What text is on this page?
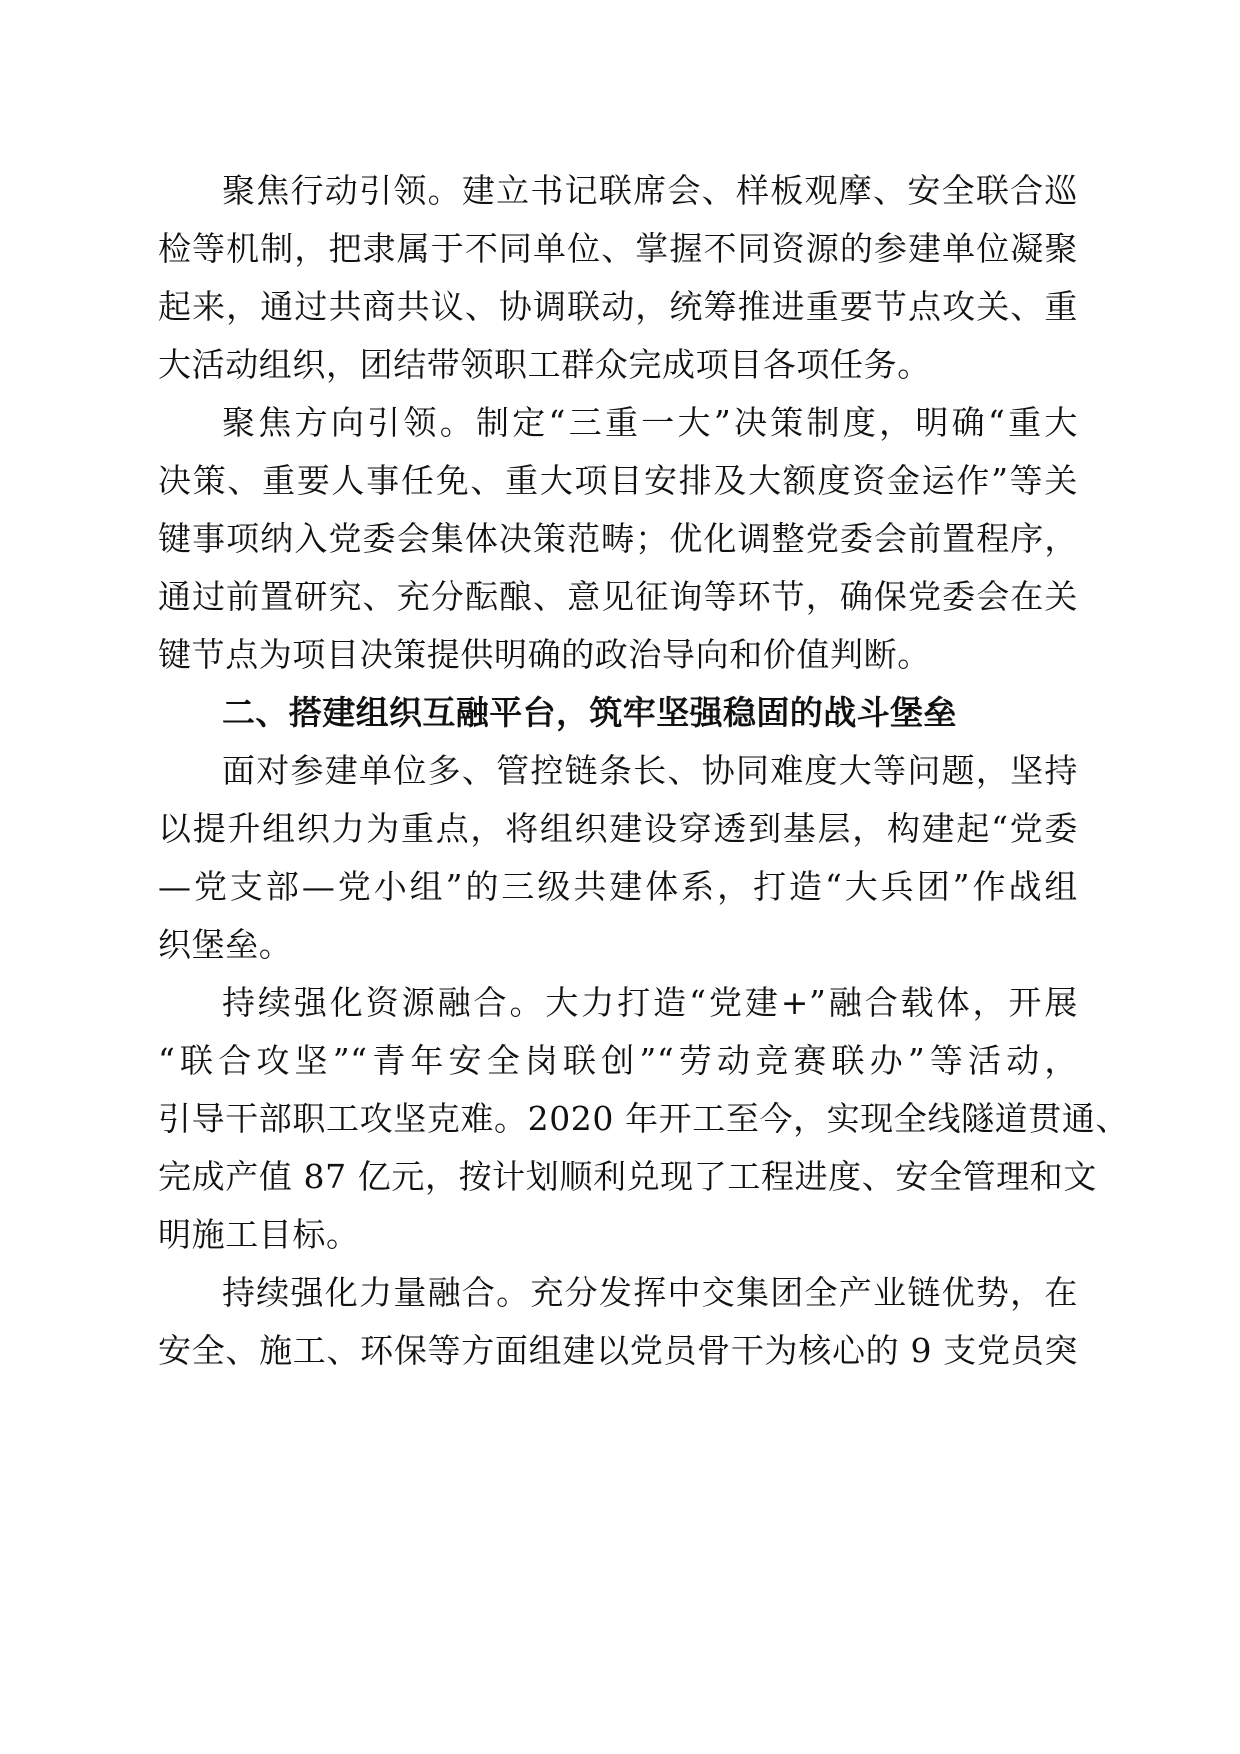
聚焦行动引领。建立书记联席会、样板观摩、安全联合巡
检等机制，把隶属于不同单位、掌握不同资源的参建单位凝聚
起来，通过共商共议、协调联动，统筹推进重要节点攻关、重
大活动组织，团结带领职工群众完成项目各项任务。
聚焦方向引领。制定“三重一大”决策制度，明确“重大
决策、重要人事任免、重大项目安排及大额度资金运作”等关
键事项纳入党委会集体决策范畴；优化调整党委会前置程序，
通过前置研究、充分酝酿、意见征询等环节，确保党委会在关
键节点为项目决策提供明确的政治导向和价值判断。
二、搭建组织互融平台，筑牢坚强稳固的战斗堡垒
面对参建单位多、管控链条长、协同难度大等问题，坚持
以提升组织力为重点，将组织建设穿透到基层，构建起“党委
—党支部—党小组”的三级共建体系，打造“大兵团”作战组
织堡垒。
持续强化资源融合。大力打造“党建+”融合载体，开展
“联合攻坚”“青年安全岗联创”“劳动竞赛联办”等活动，
引导干部职工攻坚克难。2020 年开工至今，实现全线隧道贯通、
完成产值 87 亿元，按计划顺利兑现了工程进度、安全管理和文
明施工目标。
持续强化力量融合。充分发挥中交集团全产业链优势，在
安全、施工、环保等方面组建以党员骨干为核心的 9 支党员突
